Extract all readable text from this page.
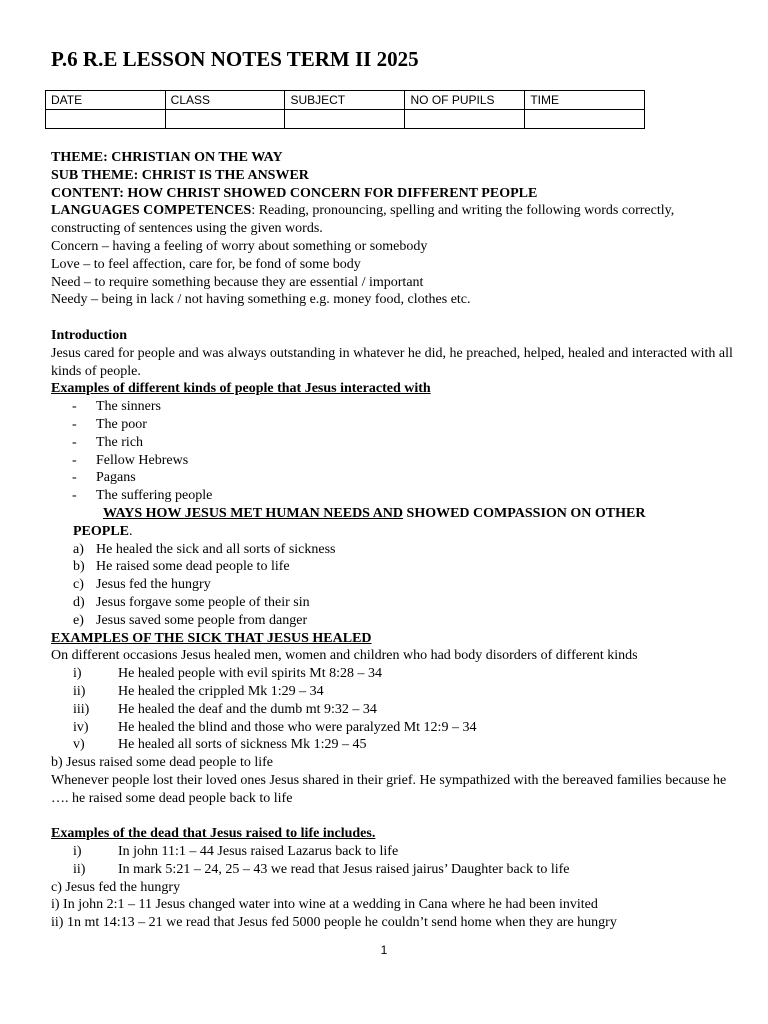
P.6 R.E LESSON NOTES TERM II 2025
DATE	CLASS	SUBJECT	NO OF PUPILS	TIME

THEME: CHRISTIAN ON THE WAY

SUB THEME: CHRIST IS THE ANSWER

CONTENT: HOW CHRIST SHOWED CONCERN FOR DIFFERENT PEOPLE

LANGUAGES COMPETENCES: Reading, pronouncing, spelling and writing the following words correctly, constructing of sentences using the given words.

Concern – having a feeling of worry about something or somebody

Love – to feel affection, care for, be fond of some body

Need – to require something because they are essential / important

Needy – being in lack / not having something e.g. money food, clothes etc.

Introduction

Jesus cared for people and was always outstanding in whatever he did, he preached, helped, healed and interacted with all kinds of people.

Examples of different kinds of people that Jesus interacted with

- The sinners
- The poor
- The rich
- Fellow Hebrews
- Pagans
- The suffering people
WAYS HOW JESUS MET HUMAN NEEDS AND SHOWED COMPASSION ON OTHER
PEOPLE.
a) He healed the sick and all sorts of sickness
b) He raised some dead people to life
c) Jesus fed the hungry
d) Jesus forgave some people of their sin
e) Jesus saved some people from danger

EXAMPLES OF THE SICK THAT JESUS HEALED

On different occasions Jesus healed men, women and children who had body disorders of different kinds

i)	He healed people with evil spirits Mt 8:28 – 34
ii) He healed the crippled Mk 1:29 – 34
iii) He healed the deaf and the dumb mt 9:32 – 34
iv) He healed the blind and those who were paralyzed Mt 12:9 – 34
v) He healed all sorts of sickness Mk 1:29 – 45

b) Jesus raised some dead people to life

Whenever people lost their loved ones Jesus shared in their grief. He sympathized with the bereaved families because he …. he raised some dead people back to life

Examples of the dead that Jesus raised to life includes.

i)	In john 11:1 – 44 Jesus raised Lazarus back to life
ii) In mark 5:21 – 24, 25 – 43 we read that Jesus raised jairus’ Daughter back to life

c) Jesus fed the hungry

i) In john 2:1 – 11 Jesus changed water into wine at a wedding in Cana where he had been invited

ii) 1n mt 14:13 – 21 we read that Jesus fed 5000 people he couldn’t send home when they are hungry

1
